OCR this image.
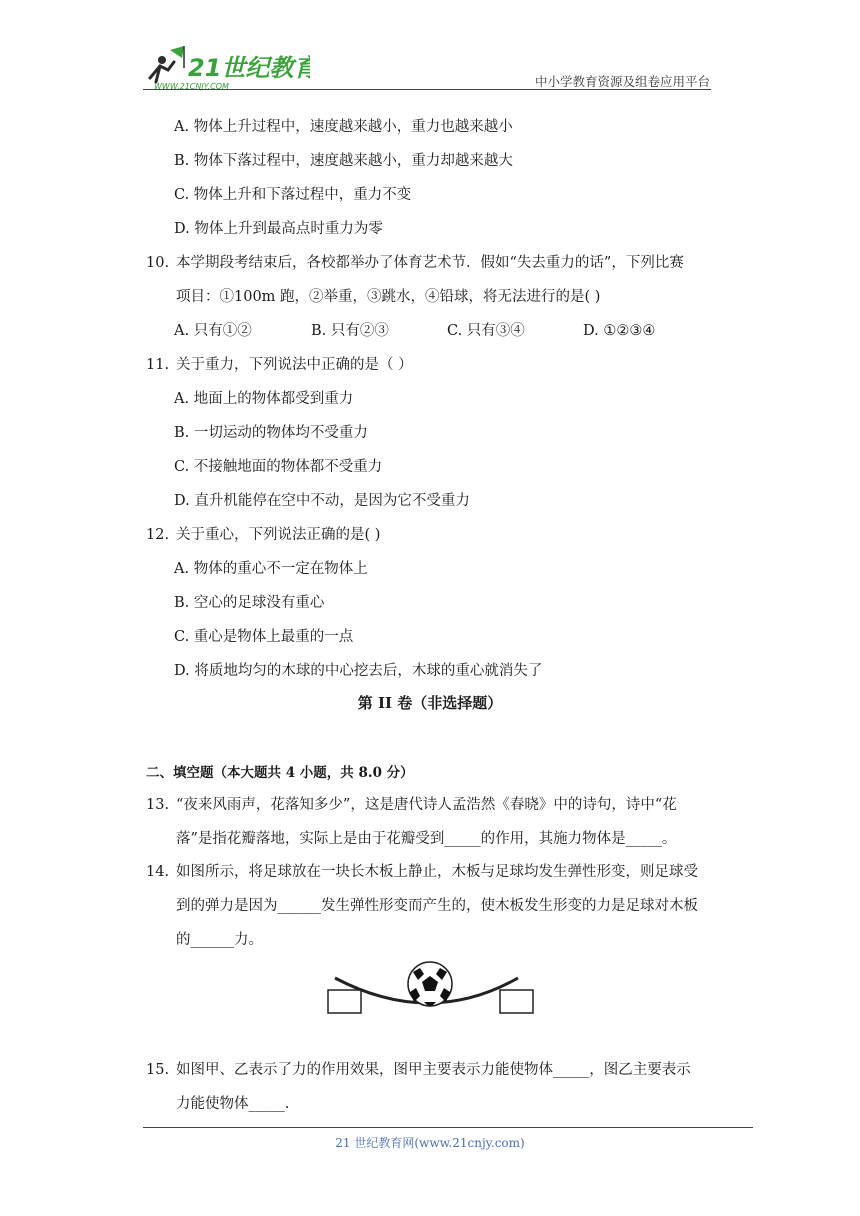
21世纪教育
WWW.21CNJY.COM	中小学教育资源及组卷应用平台
A. 物体上升过程中，速度越来越小，重力也越来越小
B. 物体下落过程中，速度越来越小，重力却越来越大
C. 物体上升和下落过程中，重力不变
D. 物体上升到最高点时重力为零
10. 本学期段考结束后，各校都举办了体育艺术节．假如“失去重力的话”，下列比赛
项目：①100m 跑，②举重，③跳水，④铅球，将无法进行的是( )
A. 只有①②	B. 只有②③	C. 只有③④	D. ①②③④
11. 关于重力，下列说法中正确的是（ ）
A. 地面上的物体都受到重力
B. 一切运动的物体均不受重力
C. 不接触地面的物体都不受重力
D. 直升机能停在空中不动，是因为它不受重力
12. 关于重心，下列说法正确的是( )
A. 物体的重心不一定在物体上
B. 空心的足球没有重心
C. 重心是物体上最重的一点
D. 将质地均匀的木球的中心挖去后，木球的重心就消失了
第 II 卷（非选择题）
二、填空题（本大题共 4 小题，共 8.0 分）
13. “夜来风雨声，花落知多少”，这是唐代诗人孟浩然《春晓》中的诗句，诗中“花
落”是指花瓣落地，实际上是由于花瓣受到_____的作用，其施力物体是_____。
14. 如图所示，将足球放在一块长木板上静止，木板与足球均发生弹性形变，则足球受
到的弹力是因为______发生弹性形变而产生的，使木板发生形变的力是足球对木板
的______力。
15. 如图甲、乙表示了力的作用效果，图甲主要表示力能使物体_____，图乙主要表示
力能使物体_____.
21 世纪教育网(www.21cnjy.com)
